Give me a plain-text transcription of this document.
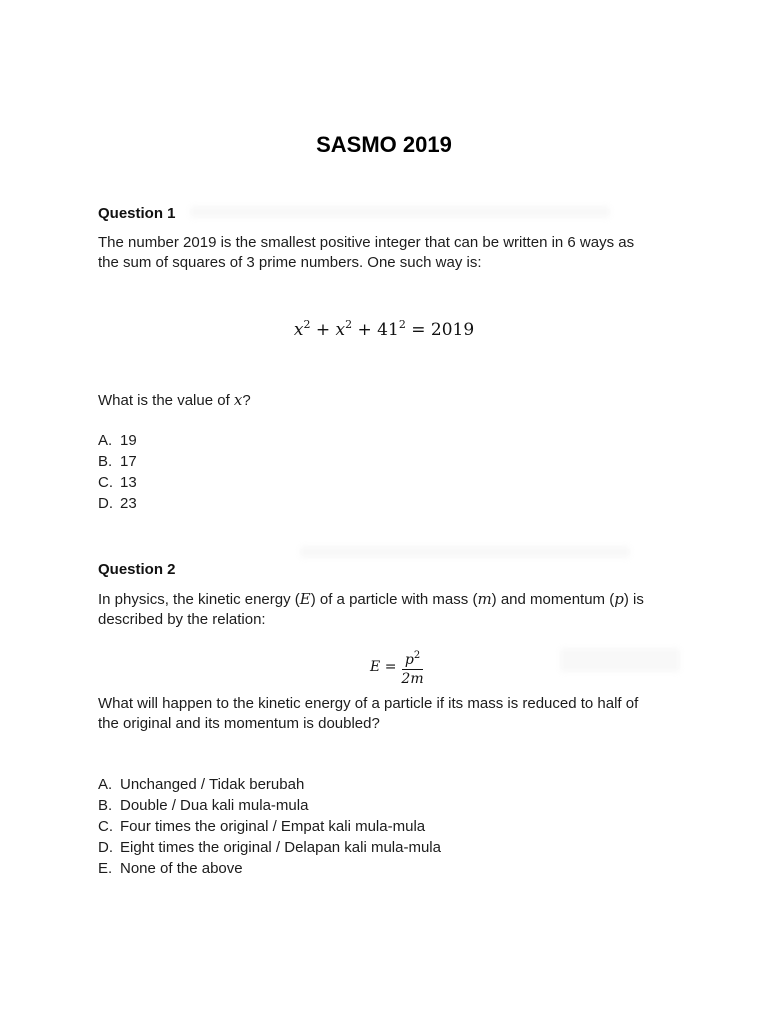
SASMO 2019
Question 1
The number 2019 is the smallest positive integer that can be written in 6 ways as
the sum of squares of 3 prime numbers. One such way is:
$x^2 + x^2 + 41^2 = 2019$
What is the value of x?
A. 19
B. 17
C. 13
D. 23
Question 2
In physics, the kinetic energy (E) of a particle with mass (m) and momentum (p) is
described by the relation:
$E = \frac{p^2}{2m}$
What will happen to the kinetic energy of a particle if its mass is reduced to half of
the original and its momentum is doubled?
A. Unchanged / Tidak berubah
B. Double / Dua kali mula-mula
C. Four times the original / Empat kali mula-mula
D. Eight times the original / Delapan kali mula-mula
E. None of the above
